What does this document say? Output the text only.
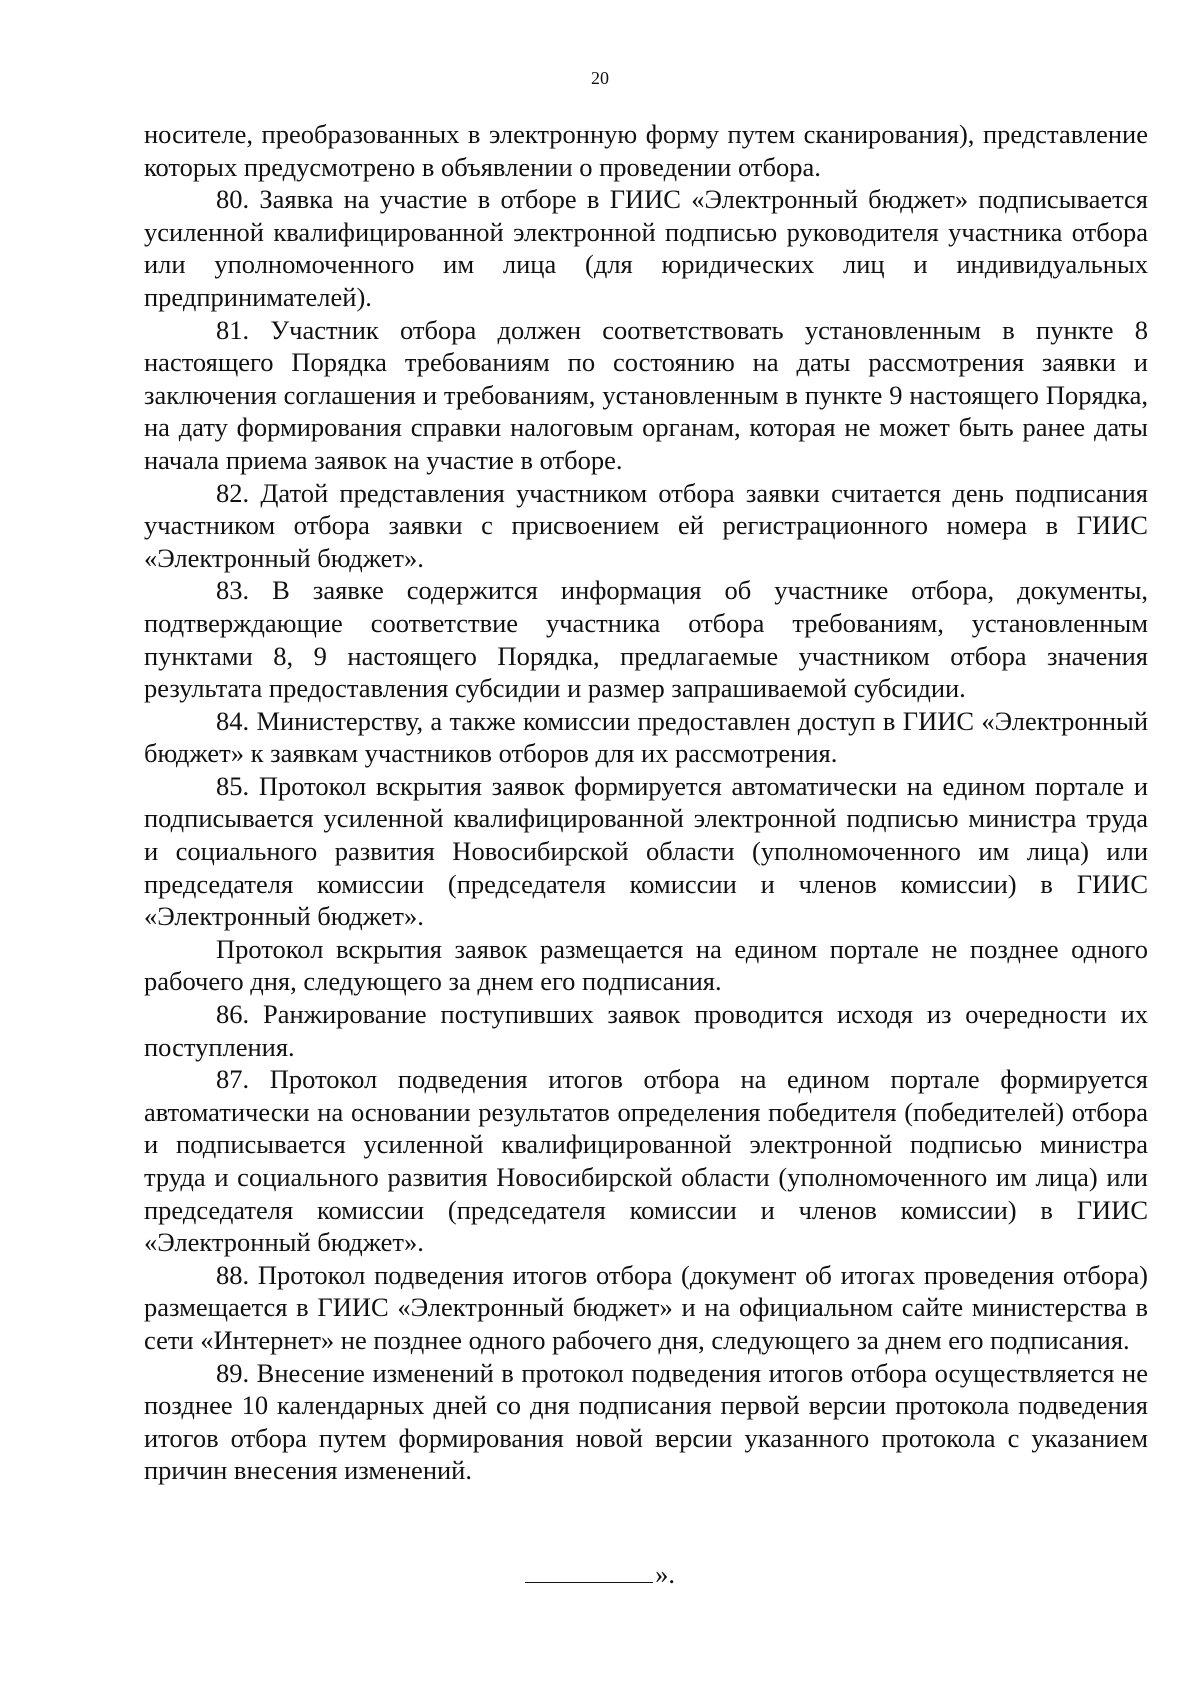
20

носителе, преобразованных в электронную форму путем сканирования), представление которых предусмотрено в объявлении о проведении отбора.

80. Заявка на участие в отборе в ГИИС «Электронный бюджет» подписывается усиленной квалифицированной электронной подписью руководителя участника отбора или уполномоченного им лица (для юридических лиц и индивидуальных предпринимателей).

81. Участник отбора должен соответствовать установленным в пункте 8 настоящего Порядка требованиям по состоянию на даты рассмотрения заявки и заключения соглашения и требованиям, установленным в пункте 9 настоящего Порядка, на дату формирования справки налоговым органам, которая не может быть ранее даты начала приема заявок на участие в отборе.

82. Датой представления участником отбора заявки считается день подписания участником отбора заявки с присвоением ей регистрационного номера в ГИИС «Электронный бюджет».

83. В заявке содержится информация об участнике отбора, документы, подтверждающие соответствие участника отбора требованиям, установленным пунктами 8, 9 настоящего Порядка, предлагаемые участником отбора значения результата предоставления субсидии и размер запрашиваемой субсидии.

84. Министерству, а также комиссии предоставлен доступ в ГИИС «Электронный бюджет» к заявкам участников отборов для их рассмотрения.

85. Протокол вскрытия заявок формируется автоматически на едином портале и подписывается усиленной квалифицированной электронной подписью министра труда и социального развития Новосибирской области (уполномоченного им лица) или председателя комиссии (председателя комиссии и членов комиссии) в ГИИС «Электронный бюджет».

Протокол вскрытия заявок размещается на едином портале не позднее одного рабочего дня, следующего за днем его подписания.

86. Ранжирование поступивших заявок проводится исходя из очередности их поступления.

87. Протокол подведения итогов отбора на едином портале формируется автоматически на основании результатов определения победителя (победителей) отбора и подписывается усиленной квалифицированной электронной подписью министра труда и социального развития Новосибирской области (уполномоченного им лица) или председателя комиссии (председателя комиссии и членов комиссии) в ГИИС «Электронный бюджет».

88. Протокол подведения итогов отбора (документ об итогах проведения отбора) размещается в ГИИС «Электронный бюджет» и на официальном сайте министерства в сети «Интернет» не позднее одного рабочего дня, следующего за днем его подписания.

89. Внесение изменений в протокол подведения итогов отбора осуществляется не позднее 10 календарных дней со дня подписания первой версии протокола подведения итогов отбора путем формирования новой версии указанного протокола с указанием причин внесения изменений.

».
